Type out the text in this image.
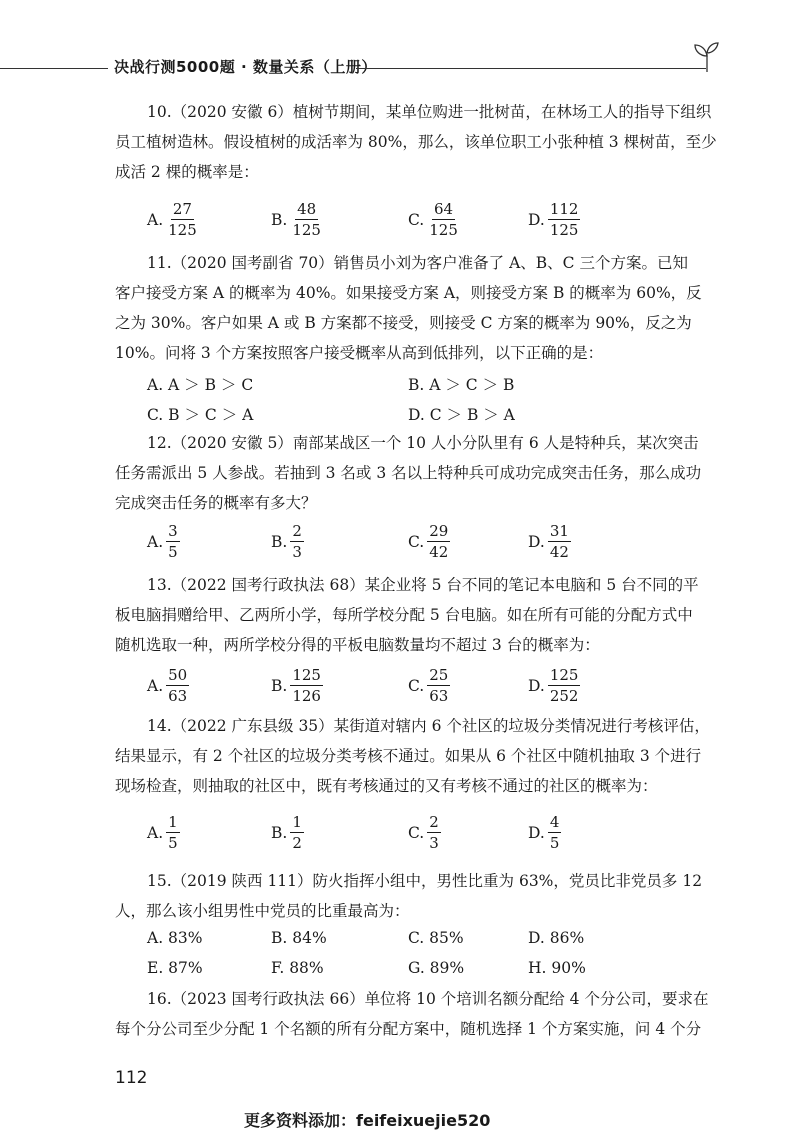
决战行测5000题 · 数量关系（上册）
10.（2020 安徽 6）植树节期间，某单位购进一批树苗，在林场工人的指导下组织
员工植树造林。假设植树的成活率为 80%，那么，该单位职工小张种植 3 棵树苗，至少
成活 2 棵的概率是：
A. $\frac{27}{125}$	B. $\frac{48}{125}$	C. $\frac{64}{125}$	D. $\frac{112}{125}$
11.（2020 国考副省 70）销售员小刘为客户准备了 A、B、C 三个方案。已知
客户接受方案 A 的概率为 40%。如果接受方案 A，则接受方案 B 的概率为 60%，反
之为 30%。客户如果 A 或 B 方案都不接受，则接受 C 方案的概率为 90%，反之为
10%。问将 3 个方案按照客户接受概率从高到低排列，以下正确的是：
A. A ＞ B ＞ C	B. A ＞ C ＞ B
C. B ＞ C ＞ A	D. C ＞ B ＞ A
12.（2020 安徽 5）南部某战区一个 10 人小分队里有 6 人是特种兵，某次突击
任务需派出 5 人参战。若抽到 3 名或 3 名以上特种兵可成功完成突击任务，那么成功
完成突击任务的概率有多大？
A. $\frac{3}{5}$	B. $\frac{2}{3}$	C. $\frac{29}{42}$	D. $\frac{31}{42}$
13.（2022 国考行政执法 68）某企业将 5 台不同的笔记本电脑和 5 台不同的平
板电脑捐赠给甲、乙两所小学，每所学校分配 5 台电脑。如在所有可能的分配方式中
随机选取一种，两所学校分得的平板电脑数量均不超过 3 台的概率为：
A. $\frac{50}{63}$	B. $\frac{125}{126}$	C. $\frac{25}{63}$	D. $\frac{125}{252}$
14.（2022 广东县级 35）某街道对辖内 6 个社区的垃圾分类情况进行考核评估，
结果显示，有 2 个社区的垃圾分类考核不通过。如果从 6 个社区中随机抽取 3 个进行
现场检查，则抽取的社区中，既有考核通过的又有考核不通过的社区的概率为：
A. $\frac{1}{5}$	B. $\frac{1}{2}$	C. $\frac{2}{3}$	D. $\frac{4}{5}$
15.（2019 陕西 111）防火指挥小组中，男性比重为 63%，党员比非党员多 12
人，那么该小组男性中党员的比重最高为：
A. 83%	B. 84%	C. 85%	D. 86%
E. 87%	F. 88%	G. 89%	H. 90%
16.（2023 国考行政执法 66）单位将 10 个培训名额分配给 4 个分公司，要求在
每个分公司至少分配 1 个名额的所有分配方案中，随机选择 1 个方案实施，问 4 个分
112
更多资料添加：feifeixuejie520
